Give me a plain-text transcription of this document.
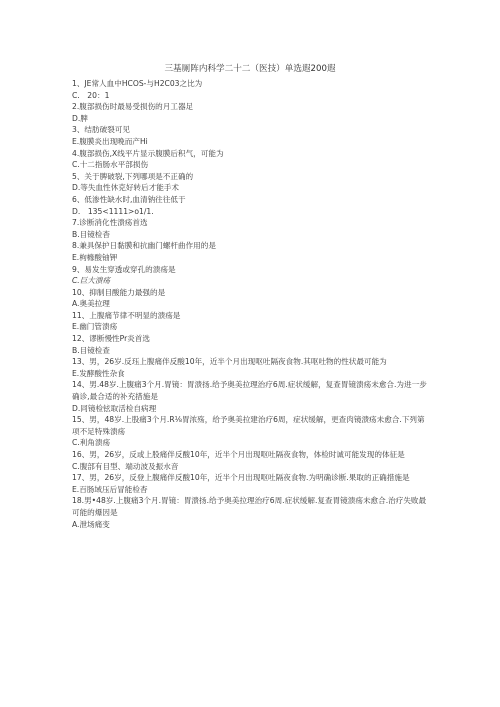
三基厕阵内科学二十二（医技）单选遐200遐

1、JE常人血中HCOS-与H2C03之比为

C.　20：1

2.腹部损伤时最易受损伤的月工器足

D.脾

3、结肪破裂可见

E.腹膜炎出现晚而产Hi

4.腹部损伤,X线平片显示腹膜后积气，可能为

C.十二指肠水平部损伤

5、关于脾破裂,下列哪项是不正确的

D.等失血性休克好转后才能手术

6、低渗性缺水时,血清钠往往低于

D.　135<1111>o1/1.

7.诊断消化性溃疡首选

B.目镜检杳

8.兼具保护日黏膜和抗幽门螺杆曲作用的是

E.枸橼酸铀钾

9、易发生穿透或穿孔的溃疡是

C.巨大溃疡

10、抑制目酸能力最强的是

A.奥美拉理

11、上腹痛节律不明显的溃疡是

E.幽门管溃疡

12、谬断慢性Pr炎首选

B.目镜检查

13、男，26岁.反珏上腹痛伴反酸10年，近半个月出现呕吐隔夜食物.其呕吐物的性状最可能为

E.发酵酸性杂食

14、男.48岁.上腹痛3个月.胃镜：胃溃扬.给予奥美拉理治疗6周.症状缓解，复查胃镜溃疡未愈合.为进一步确诊,最合适的补充措施是

D.同镜检铉取活检自病理

15、男，48岁.上股痛3个月.R⅛胃浓殇，给予奥美拉建治疗6周，症状缓解，更查肉镜溃疡未愈合.下列第项不足特殊溃疡

C.利角溃疡

16、男，26岁，反或上股痛伴反酸10年，近半个月出现呕吐隔夜食物，体检时诚可能发现的体征是

C.腹部有目型、端动波及振水音

17、男，26岁，反登上腹痛伴反酸10年，近半个月出现呕吐隔夜食物.为明确诊断.果取的正确措施是

E.百肠域压后冒能检杳

18.男•48岁.上腹痛3个月.胃镜：胃溃扬.给予奥美拉理治疗6周.症状缓解.复查胃镜溃疡未愈合.治疗失败最可能的爆因是

A.泄场痛变
